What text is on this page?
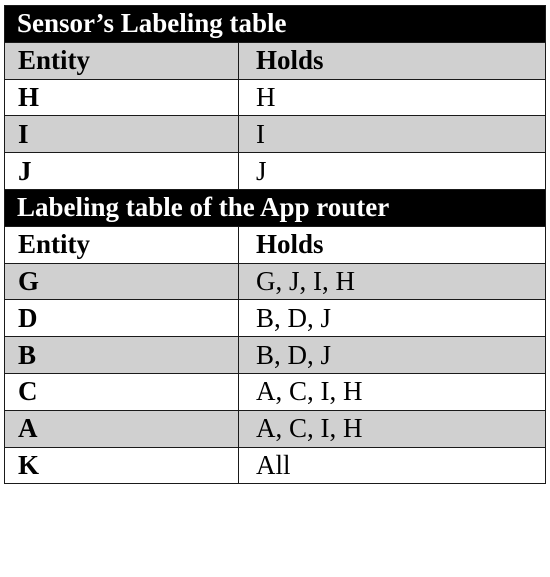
Sensor’s Labeling table	
Entity	Holds
H	H
I	I
J	J
Labeling table of the App router	
Entity	Holds
G	G, J, I, H
D	B, D, J
B	B, D, J
C	A, C, I, H
A	A, C, I, H
K	All
